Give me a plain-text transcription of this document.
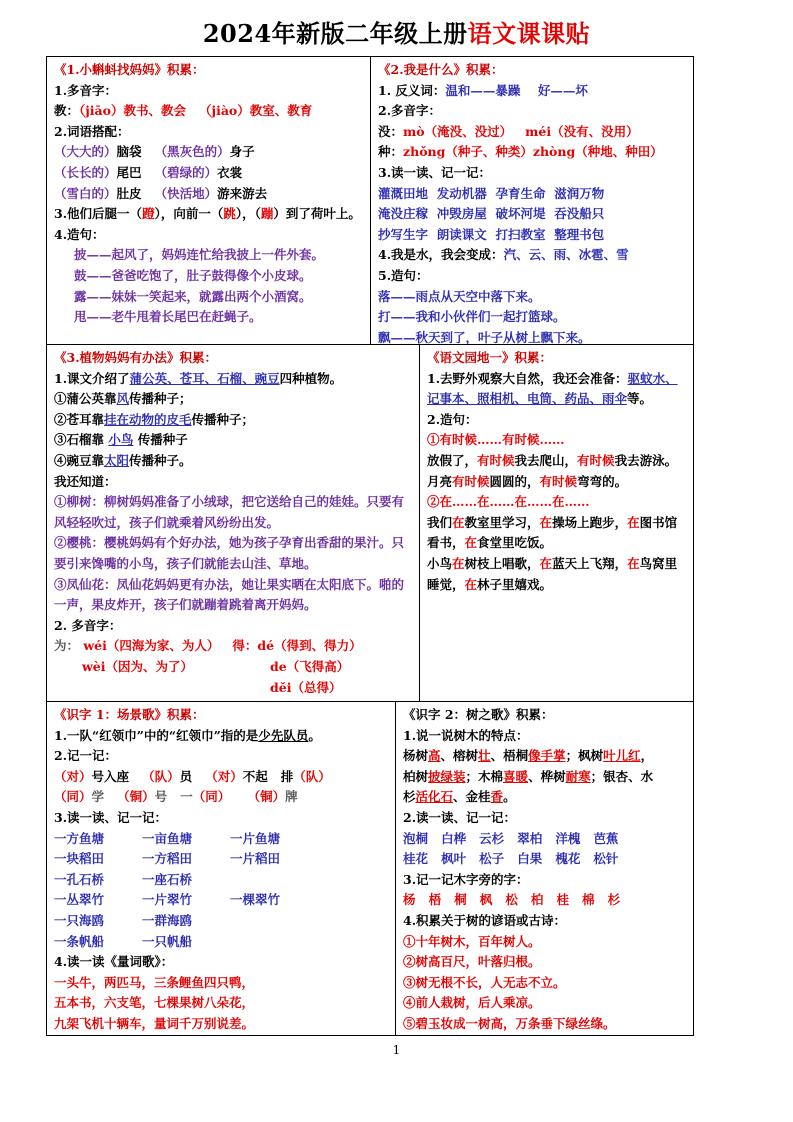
2024年新版二年级上册语文课课贴
《1.小蝌蚪找妈妈》积累：
1.多音字：
教：（jiāo）教书、教会 （jiào）教室、教育
2.词语搭配：
（大大的）脑袋 （黑灰色的）身子
（长长的）尾巴 （碧绿的）衣裳
（雪白的）肚皮 （快活地）游来游去
3.他们后腿一（蹬），向前一（跳），（蹦）到了荷叶上。
4.造句：
披——起风了，妈妈连忙给我披上一件外套。
鼓——爸爸吃饱了，肚子鼓得像个小皮球。
露——妹妹一笑起来，就露出两个小酒窝。
甩——老牛甩着长尾巴在赶蝇子。
《2.我是什么》积累：
1. 反义词：温和——暴躁 好——坏
2.多音字：
没：mò（淹没、没过） méi（没有、没用）
种：zhǒng（种子、种类）zhòng（种地、种田）
3.读一读、记一记：
灌溉田地 发动机器 孕育生命 滋润万物
淹没庄稼 冲毁房屋 破坏河堤 吞没船只
抄写生字 朗读课文 打扫教室 整理书包
4.我是水，我会变成：汽、云、雨、冰雹、雪
5.造句：
落——雨点从天空中落下来。
打——我和小伙伴们一起打篮球。
飘——秋天到了，叶子从树上飘下来。
《3.植物妈妈有办法》积累：
1.课文介绍了蒲公英、苍耳、石榴、豌豆四种植物。
①蒲公英靠风传播种子；
②苍耳靠挂在动物的皮毛传播种子；
③石榴靠 小鸟 传播种子
④豌豆靠太阳传播种子。
我还知道：
①柳树：柳树妈妈准备了小绒球，把它送给自己的娃娃。只要有风轻轻吹过，孩子们就乘着风纷纷出发。
②樱桃：樱桃妈妈有个好办法，她为孩子孕育出香甜的果汁。只要引来馋嘴的小鸟，孩子们就能去山洼、草地。
③凤仙花：凤仙花妈妈更有办法，她让果实晒在太阳底下。啪的一声，果皮炸开，孩子们就蹦着跳着离开妈妈。
2. 多音字：
为： wéi（四海为家、为人） 得：dé（得到、得力）
wèi（因为、为了）	de（飞得高）
děi（总得）
《语文园地一》积累：
1.去野外观察大自然，我还会准备：驱蚊水、记事本、照相机、电筒、药品、雨伞等。
2.造句：
①有时候……有时候……
放假了，有时候我去爬山，有时候我去游泳。
月亮有时候圆圆的，有时候弯弯的。
②在……在……在……在……
我们在教室里学习，在操场上跑步，在图书馆看书，在食堂里吃饭。
小鸟在树枝上唱歌，在蓝天上飞翔，在鸟窝里睡觉，在林子里嬉戏。
《识字 1：场景歌》积累：
1.一队“红领巾”中的“红领巾”指的是少先队员。
2.记一记：
（对）号入座 （队）员 （对）不起 排（队）
（同）学 （铜）号 一（同） （铜）牌
3.读一读、记一记：
一方鱼塘	一亩鱼塘	一片鱼塘
一块稻田	一方稻田	一片稻田
一孔石桥	一座石桥
一丛翠竹	一片翠竹	一棵翠竹
一只海鸥	一群海鸥
一条帆船	一只帆船
4.读一读《量词歌》：
一头牛，两匹马，三条鲤鱼四只鸭，
五本书，六支笔，七棵果树八朵花，
九架飞机十辆车，量词千万别说差。
《识字 2：树之歌》积累：
1.说一说树木的特点：
杨树高、榕树壮、梧桐像手掌；枫树叶儿红，
柏树披绿装；木棉喜暖、桦树耐寒；银杏、水
杉活化石、金桂香。
2.读一读、记一记：
泡桐 白桦 云杉 翠柏 洋槐 芭蕉
桂花 枫叶 松子 白果 槐花 松针
3.记一记木字旁的字：
杨 梧 桐 枫 松 柏 桂 棉 杉
4.积累关于树的谚语或古诗：
①十年树木，百年树人。
②树高百尺，叶落归根。
③树无根不长，人无志不立。
④前人栽树，后人乘凉。
⑤碧玉妆成一树高，万条垂下绿丝绦。
1
